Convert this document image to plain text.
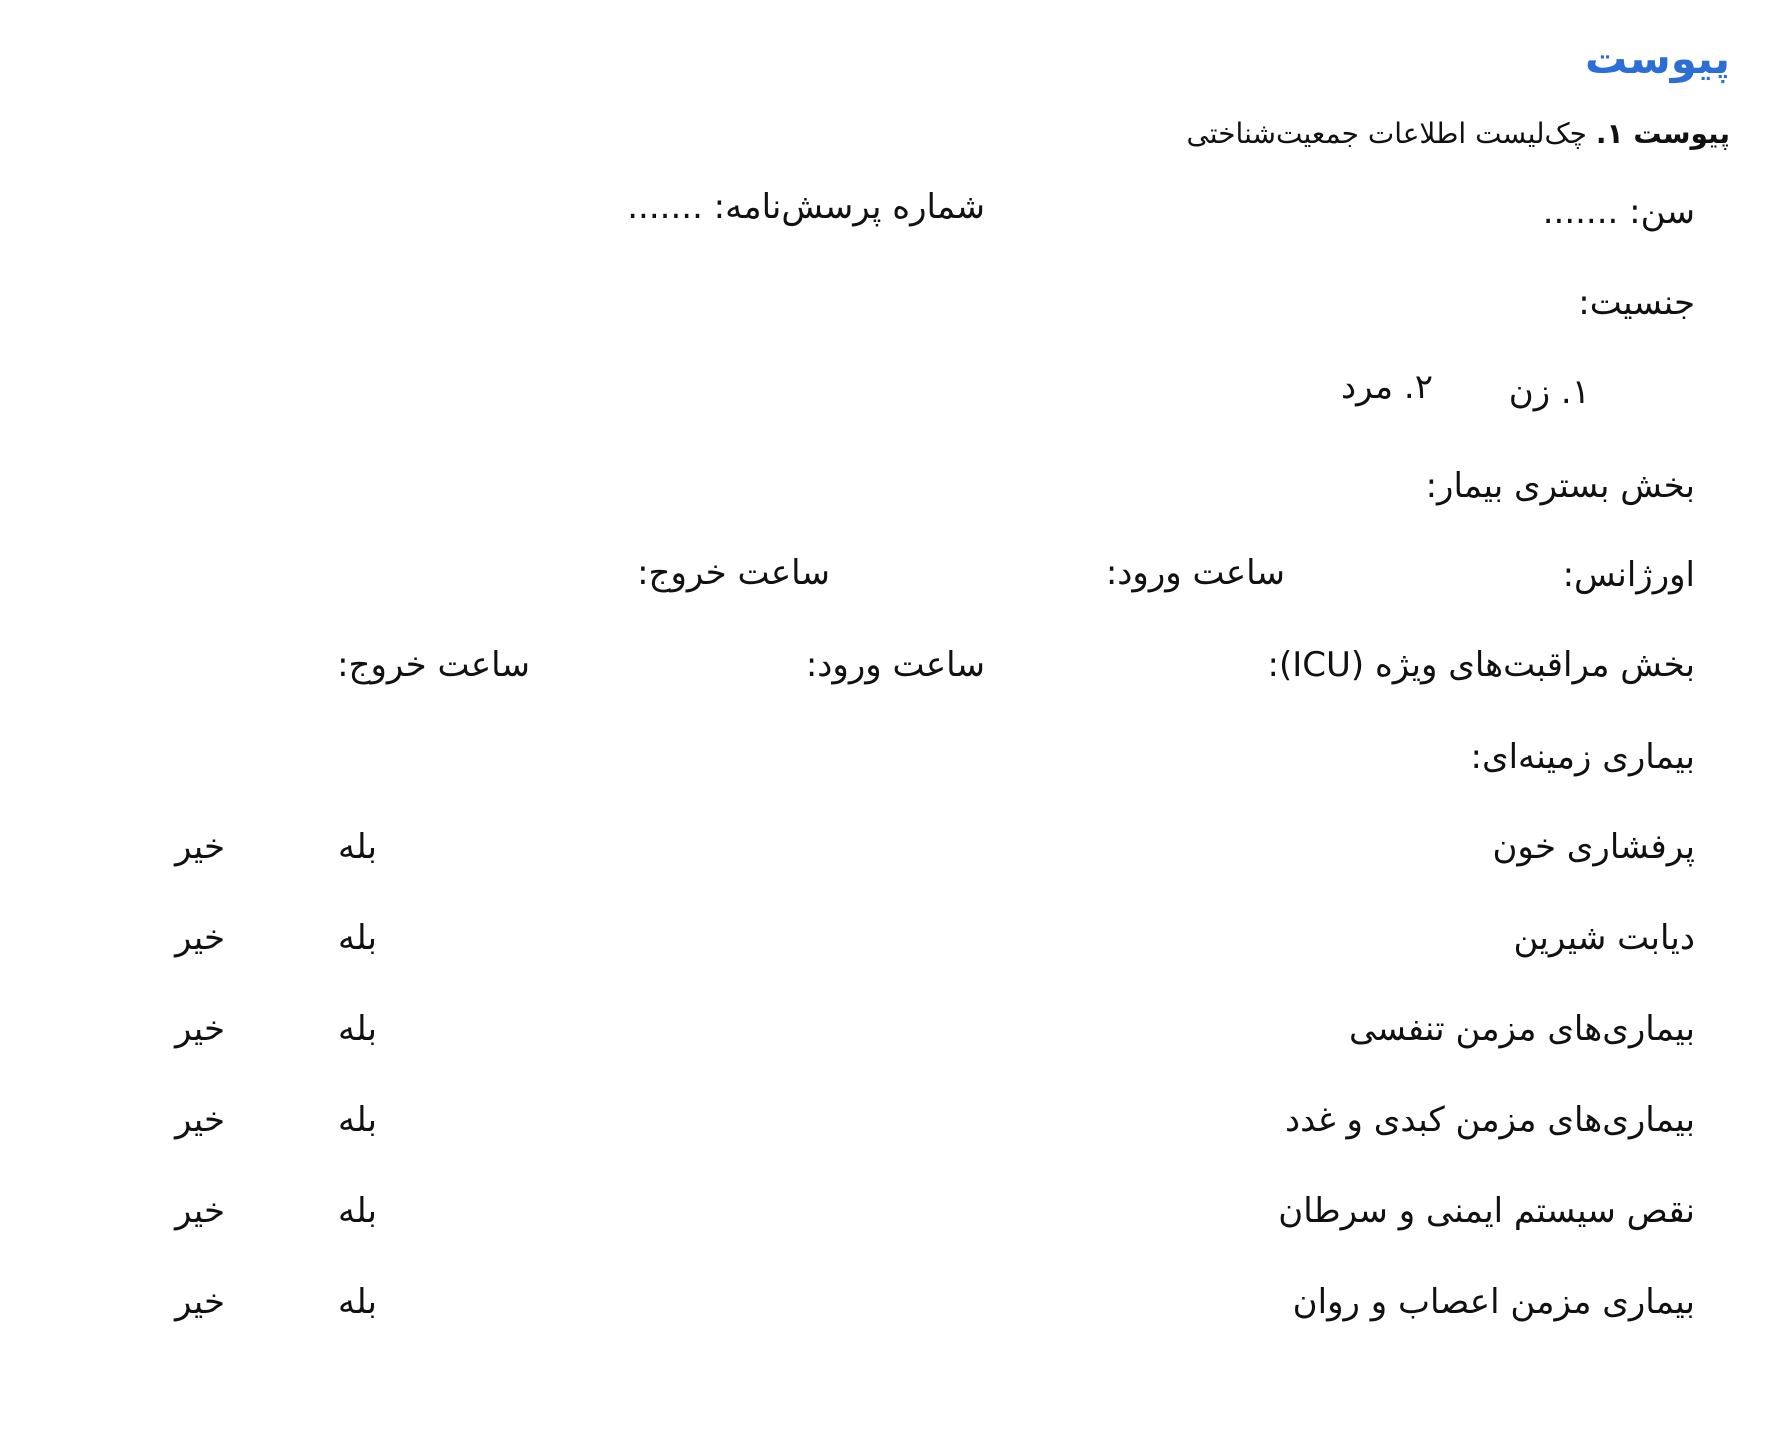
پیوست
پیوست ۱. چک‌لیست اطلاعات جمعیت‌شناختی
سن: .......
شماره پرسش‌نامه: .......
جنسیت:
۱. زن
۲. مرد
بخش بستری بیمار:
اورژانس:
ساعت ورود:
ساعت خروج:
بخش مراقبت‌های ویژه (ICU):
ساعت ورود:
ساعت خروج:
بیماری زمینه‌ای:
پرفشاری خون
بله
خیر
دیابت شیرین
بله
خیر
بیماری‌های مزمن تنفسی
بله
خیر
بیماری‌های مزمن کبدی و غدد
بله
خیر
نقص سیستم ایمنی و سرطان
بله
خیر
بیماری مزمن اعصاب و روان
بله
خیر
